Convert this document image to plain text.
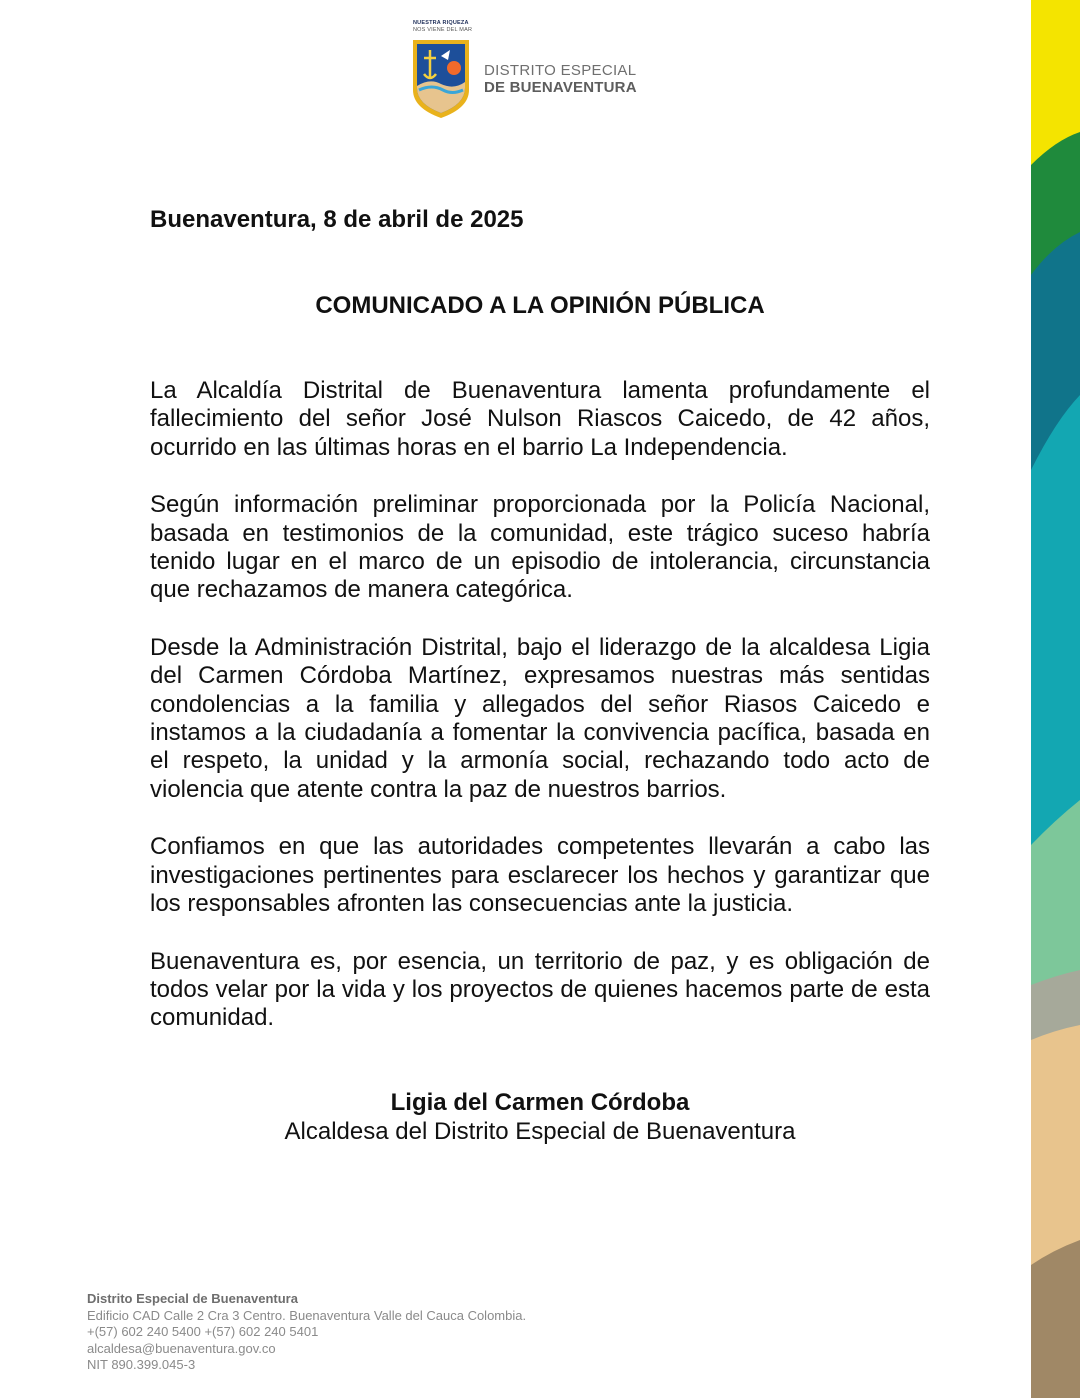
NUESTRA RIQUEZA
NOS VIENE DEL MAR
DISTRITO ESPECIAL
DE BUENAVENTURA
Buenaventura, 8 de abril de 2025
COMUNICADO A LA OPINIÓN PÚBLICA

La Alcaldía Distrital de Buenaventura lamenta profundamente el fallecimiento del señor José Nulson Riascos Caicedo, de 42 años, ocurrido en las últimas horas en el barrio La Independencia.

Según información preliminar proporcionada por la Policía Nacional, basada en testimonios de la comunidad, este trágico suceso habría tenido lugar en el marco de un episodio de intolerancia, circunstancia que rechazamos de manera categórica.

Desde la Administración Distrital, bajo el liderazgo de la alcaldesa Ligia del Carmen Córdoba Martínez, expresamos nuestras más sentidas condolencias a la familia y allegados del señor Riasos Caicedo e instamos a la ciudadanía a fomentar la convivencia pacífica, basada en el respeto, la unidad y la armonía social, rechazando todo acto de violencia que atente contra la paz de nuestros barrios.

Confiamos en que las autoridades competentes llevarán a cabo las investigaciones pertinentes para esclarecer los hechos y garantizar que los responsables afronten las consecuencias ante la justicia.

Buenaventura es, por esencia, un territorio de paz, y es obligación de todos velar por la vida y los proyectos de quienes hacemos parte de esta comunidad.

Ligia del Carmen Córdoba
Alcaldesa del Distrito Especial de Buenaventura
Distrito Especial de Buenaventura
Edificio CAD Calle 2 Cra 3 Centro. Buenaventura Valle del Cauca Colombia.
+(57) 602 240 5400 +(57) 602 240 5401
alcaldesa@buenaventura.gov.co
NIT 890.399.045-3
